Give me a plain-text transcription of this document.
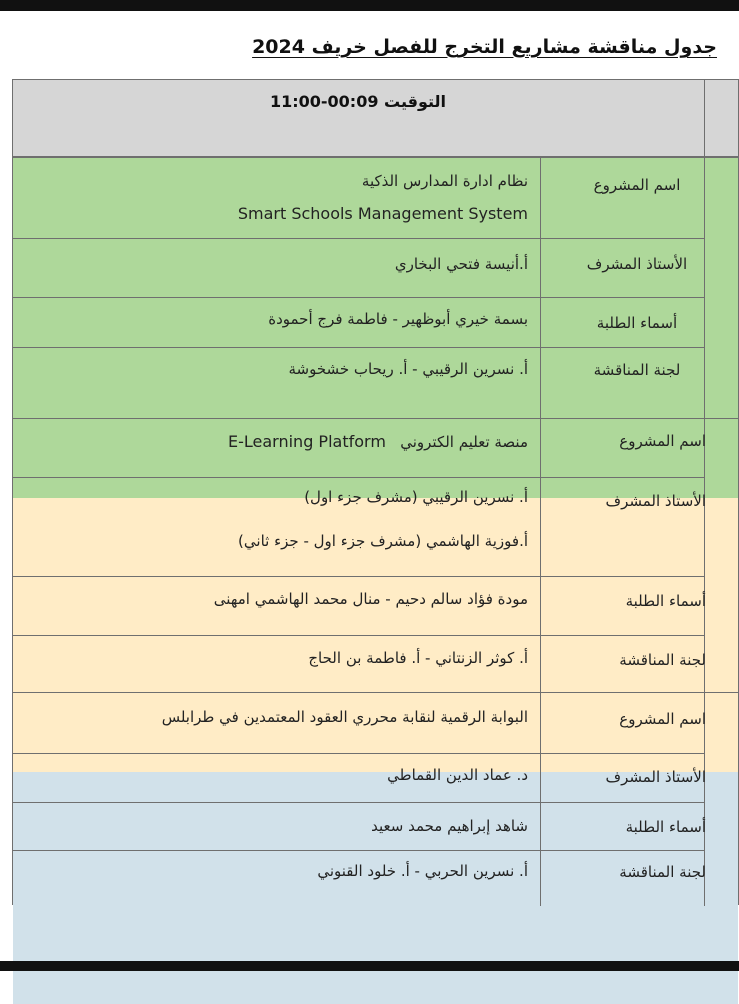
جدول مناقشة مشاريع التخرج للفصل خريف 2024
التوقيت 00:09-11:00
اسم المشروع
نظام ادارة المدارس الذكية
Smart Schools Management System
الأستاذ المشرف
أ.أنيسة فتحي البخاري
أسماء الطلبة
بسمة خيري أبوظهير - فاطمة فرج أحمودة
لجنة المناقشة
أ. نسرين الرقيبي - أ. ريحاب خشخوشة
اسم المشروع
منصة تعليم الكتروني   E-Learning Platform
الأستاذ المشرف
أ. نسرين الرقيبي (مشرف جزء اول)
أ.فوزية الهاشمي (مشرف جزء اول - جزء ثاني)
أسماء الطلبة
مودة فؤاد سالم دحيم - منال محمد الهاشمي امهنى
لجنة المناقشة
أ. كوثر الزنتاني - أ. فاطمة بن الحاج
اسم المشروع
البوابة الرقمية لنقابة محرري العقود المعتمدين في طرابلس
الأستاذ المشرف
د. عماد الدين القماطي
أسماء الطلبة
شاهد إبراهيم محمد سعيد
لجنة المناقشة
أ. نسرين الحربي - أ. خلود القنوني
